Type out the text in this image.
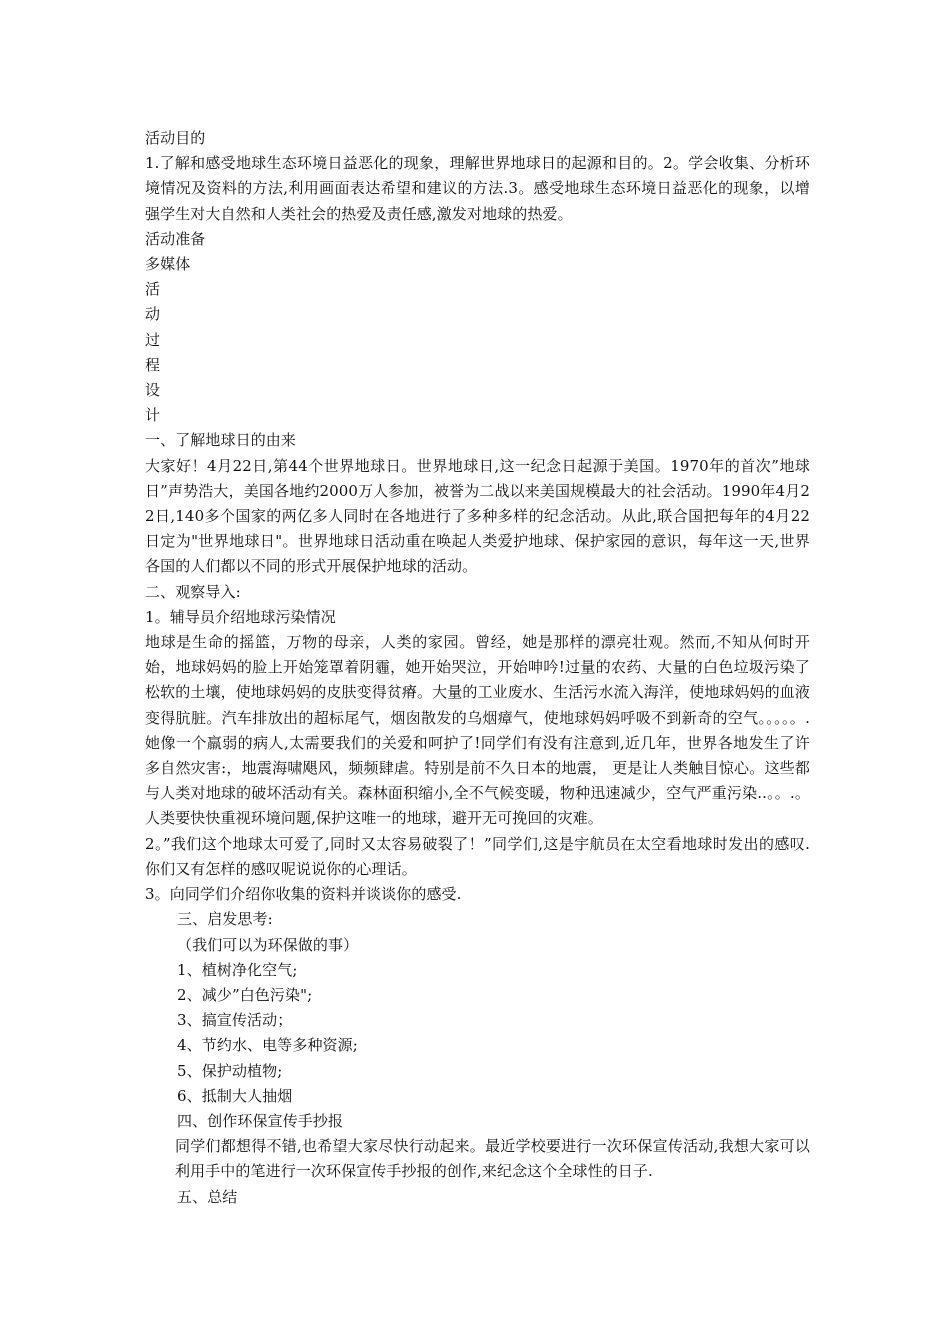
活动目的

1.了解和感受地球生态环境日益恶化的现象，理解世界地球日的起源和目的。2。学会收集、分析环境情况及资料的方法,利用画面表达希望和建议的方法.3。感受地球生态环境日益恶化的现象，以增强学生对大自然和人类社会的热爱及责任感,激发对地球的热爱。

活动准备

多媒体

活

动

过

程

设

计

一、了解地球日的由来

大家好！4月22日,第44个世界地球日。世界地球日,这一纪念日起源于美国。1970年的首次”地球日”声势浩大，美国各地约2000万人参加，被誉为二战以来美国规模最大的社会活动。1990年4月22日,140多个国家的两亿多人同时在各地进行了多种多样的纪念活动。从此,联合国把每年的4月22日定为"世界地球日"。世界地球日活动重在唤起人类爱护地球、保护家园的意识，每年这一天,世界各国的人们都以不同的形式开展保护地球的活动。

二、观察导入:

1。辅导员介绍地球污染情况

地球是生命的摇篮，万物的母亲，人类的家园。曾经，她是那样的漂亮壮观。然而,不知从何时开始，地球妈妈的脸上开始笼罩着阴霾，她开始哭泣，开始呻吟!过量的农药、大量的白色垃圾污染了松软的土壤，使地球妈妈的皮肤变得贫瘠。大量的工业废水、生活污水流入海洋，使地球妈妈的血液变得肮脏。汽车排放出的超标尾气，烟囱散发的乌烟瘴气，使地球妈妈呼吸不到新奇的空气。。。。。.她像一个羸弱的病人,太需要我们的关爱和呵护了!同学们有没有注意到,近几年，世界各地发生了许多自然灾害:，地震海啸飓风，频频肆虐。特别是前不久日本的地震， 更是让人类触目惊心。这些都与人类对地球的破坏活动有关。森林面积缩小,全不气候变暖，物种迅速减少，空气严重污染..。。.。人类要快快重视环境问题,保护这唯一的地球，避开无可挽回的灾难。

2。”我们这个地球太可爱了,同时又太容易破裂了！”同学们,这是宇航员在太空看地球时发出的感叹.你们又有怎样的感叹呢说说你的心理话。

3。向同学们介绍你收集的资料并谈谈你的感受.

三、启发思考:

（我们可以为环保做的事）

1、植树净化空气;

2、减少”白色污染";

3、搞宣传活动；

4、节约水、电等多种资源;

5、保护动植物;

6、抵制大人抽烟

四、创作环保宣传手抄报

同学们都想得不错,也希望大家尽快行动起来。最近学校要进行一次环保宣传活动,我想大家可以利用手中的笔进行一次环保宣传手抄报的创作,来纪念这个全球性的日子.

五、总结
